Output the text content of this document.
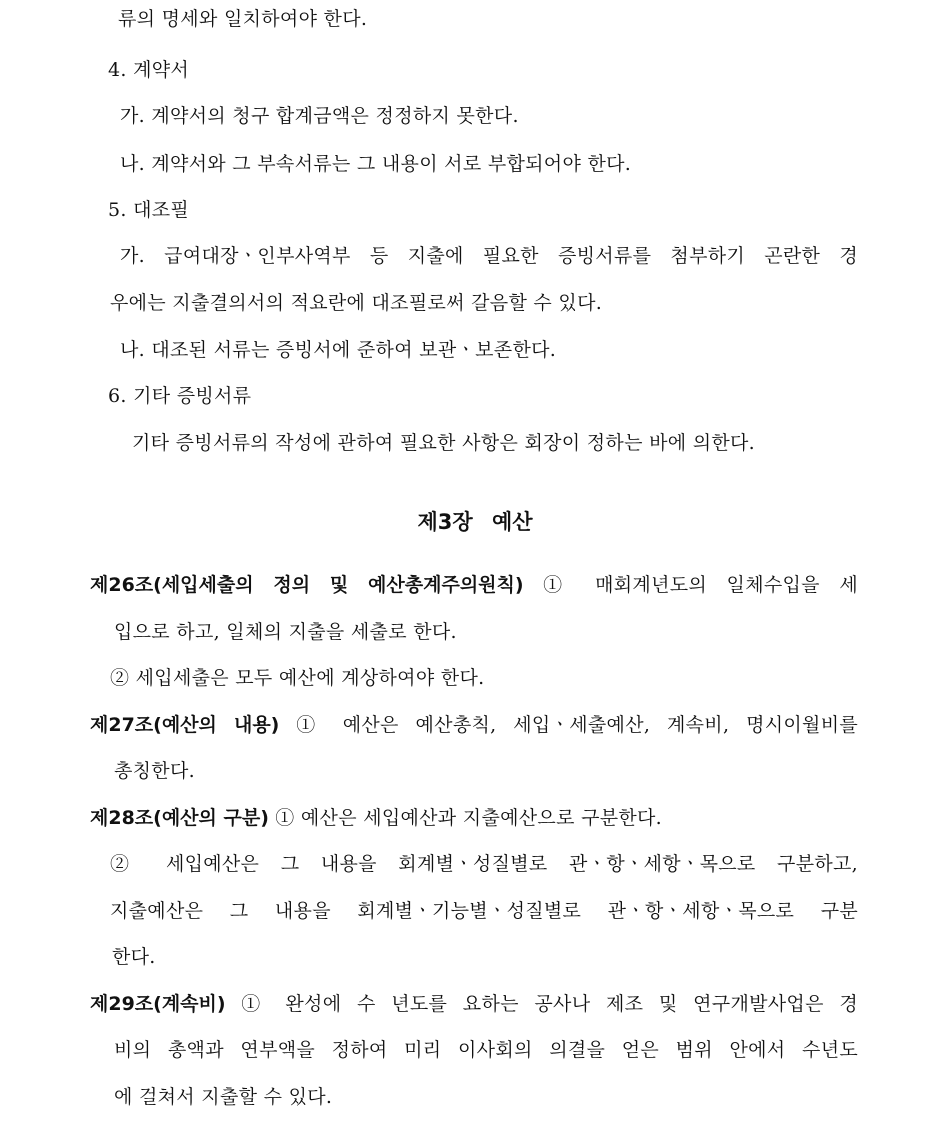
류의 명세와 일치하여야 한다.
4. 계약서
가. 계약서의 청구 합계금액은 정정하지 못한다.
나. 계약서와 그 부속서류는 그 내용이 서로 부합되어야 한다.
5. 대조필
가. 급여대장ㆍ인부사역부 등 지출에 필요한 증빙서류를 첨부하기 곤란한 경
우에는 지출결의서의 적요란에 대조필로써 갈음할 수 있다.
나. 대조된 서류는 증빙서에 준하여 보관ㆍ보존한다.
6. 기타 증빙서류
기타 증빙서류의 작성에 관하여 필요한 사항은 회장이 정하는 바에 의한다.
제3장 예산
제26조(세입세출의 정의 및 예산총계주의원칙) ① 매회계년도의 일체수입을 세
입으로 하고, 일체의 지출을 세출로 한다.
② 세입세출은 모두 예산에 계상하여야 한다.
제27조(예산의 내용) ① 예산은 예산총칙, 세입ㆍ세출예산, 계속비, 명시이월비를
총칭한다.
제28조(예산의 구분) ① 예산은 세입예산과 지출예산으로 구분한다.
② 세입예산은 그 내용을 회계별ㆍ성질별로 관ㆍ항ㆍ세항ㆍ목으로 구분하고,
지출예산은 그 내용을 회계별ㆍ기능별ㆍ성질별로 관ㆍ항ㆍ세항ㆍ목으로 구분
한다.
제29조(계속비) ① 완성에 수 년도를 요하는 공사나 제조 및 연구개발사업은 경
비의 총액과 연부액을 정하여 미리 이사회의 의결을 얻은 범위 안에서 수년도
에 걸쳐서 지출할 수 있다.
